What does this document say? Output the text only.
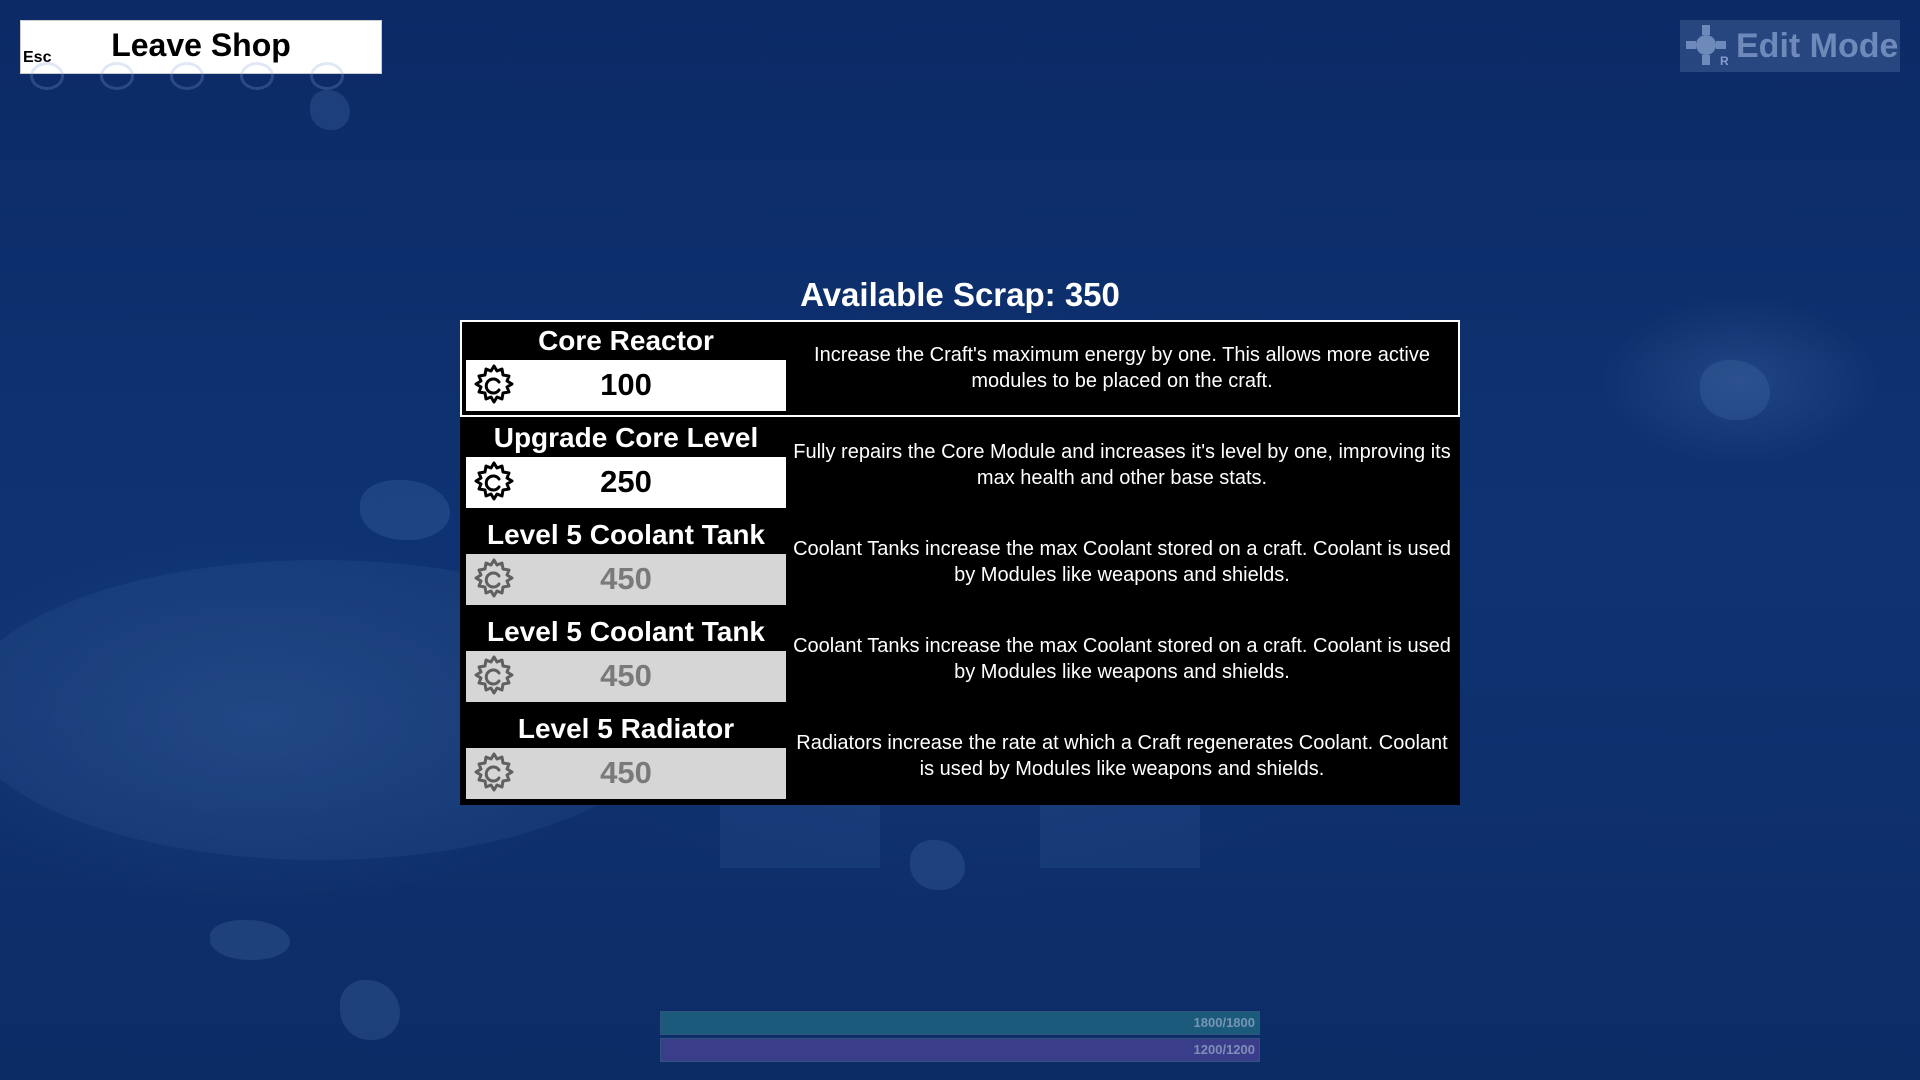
Esc	Leave Shop	R Edit Mode
Available Scrap: 350
Core Reactor
100
Increase the Craft's maximum energy by one. This allows more active modules to be placed on the craft.
Upgrade Core Level
250
Fully repairs the Core Module and increases it's level by one, improving its max health and other base stats.
Level 5 Coolant Tank
450
Coolant Tanks increase the max Coolant stored on a craft. Coolant is used by Modules like weapons and shields.
Level 5 Coolant Tank
450
Coolant Tanks increase the max Coolant stored on a craft. Coolant is used by Modules like weapons and shields.
Level 5 Radiator
450
Radiators increase the rate at which a Craft regenerates Coolant. Coolant is used by Modules like weapons and shields.
1800/1800
1200/1200
